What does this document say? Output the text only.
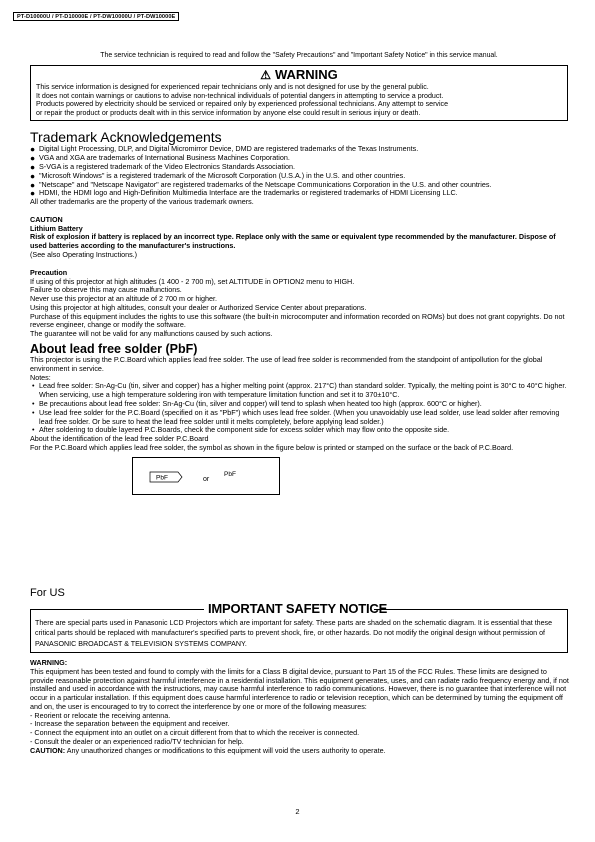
PT-D10000U / PT-D10000E / PT-DW10000U / PT-DW10000E

The service technician is required to read and follow the "Safety Precautions" and "Important Safety Notice" in this service manual.

⚠ WARNING

This service information is designed for experienced repair technicians only and is not designed for use by the general public.

It does not contain warnings or cautions to advise non-technical individuals of potential dangers in attempting to service a product.

Products powered by electricity should be serviced or repaired only by experienced professional technicians. Any attempt to service

or repair the product or products dealt with in this service information by anyone else could result in serious injury or death.

Trademark Acknowledgements
● Digital Light Processing, DLP, and Digital Micromirror Device, DMD are registered trademarks of the Texas Instruments.
● VGA and XGA are trademarks of International Business Machines Corporation.
● S-VGA is a registered trademark of the Video Electronics Standards Association.
● "Microsoft Windows" is a registered trademark of the Microsoft Corporation (U.S.A.) in the U.S. and other countries.
● "Netscape" and "Netscape Navigator" are registered trademarks of the Netscape Communications Corporation in the U.S. and other countries.
● HDMI, the HDMI logo and High-Definition Multimedia Interface are the trademarks or registered trademarks of HDMI Licensing LLC.

All other trademarks are the property of the various trademark owners.

CAUTION

Lithium Battery

Risk of explosion if battery is replaced by an incorrect type. Replace only with the same or equivalent type recommended by the manufacturer. Dispose of used batteries according to the manufacturer's instructions.

(See also Operating Instructions.)

Precaution

If using of this projector at high altitudes (1 400 - 2 700 m), set ALTITUDE in OPTION2 menu to HIGH.

Failure to observe this may cause malfunctions.

Never use this projector at an altitude of 2 700 m or higher.

Using this projector at high altitudes, consult your dealer or Authorized Service Center about preparations.

Purchase of this equipment includes the rights to use this software (the built-in microcomputer and information recorded on ROMs) but does not grant copyrights. Do not reverse engineer, change or modify the software.

The guarantee will not be valid for any malfunctions caused by such actions.

About lead free solder (PbF)

This projector is using the P.C.Board which applies lead free solder. The use of lead free solder is recommended from the standpoint of antipollution for the global environment in service.

Notes:

• Lead free solder: Sn-Ag-Cu (tin, silver and copper) has a higher melting point (approx. 217°C) than standard solder. Typically, the melting point is 30°C to 40°C higher. When servicing, use a high temperature soldering iron with temperature limitation function and set it to 370±10°C.
• Be precautions about lead free solder: Sn-Ag-Cu (tin, silver and copper) will tend to splash when heated too high (approx. 600°C or higher).
• Use lead free solder for the P.C.Board (specified on it as "PbF") which uses lead free solder. (When you unavoidably use lead solder, use lead solder after removing lead free solder. Or be sure to heat the lead free solder until it melts completely, before applying lead solder.)
• After soldering to double layered P.C.Boards, check the component side for excess solder which may flow onto the opposite side.

About the identification of the lead free solder P.C.Board

For the P.C.Board which applies lead free solder, the symbol as shown in the figure below is printed or stamped on the surface or the back of P.C.Board.

PbF	or
PbF
For US
IMPORTANT SAFETY NOTICE

There are special parts used in Panasonic LCD Projectors which are important for safety. These parts are shaded on the schematic diagram. It is essential that these critical parts should be replaced with manufacturer's specified parts to prevent shock, fire, or other hazards. Do not modify the original design without permission of PANASONIC BROADCAST & TELEVISION SYSTEMS COMPANY.

WARNING:

This equipment has been tested and found to comply with the limits for a Class B digital device, pursuant to Part 15 of the FCC Rules. These limits are designed to provide reasonable protection against harmful interference in a residential installation. This equipment generates, uses, and can radiate radio frequency energy and, if not installed and used in accordance with the instructions, may cause harmful interference to radio communications. However, there is no guarantee that interference will not occur in a particular installation. If this equipment does cause harmful interference to radio or television reception, which can be determined by turning the equipment off and on, the user is encouraged to try to correct the interference by one or more of the following measures:

- Reorient or relocate the receiving antenna.

- Increase the separation between the equipment and receiver.

- Connect the equipment into an outlet on a circuit different from that to which the receiver is connected.

- Consult the dealer or an experienced radio/TV technician for help.

CAUTION: Any unauthorized changes or modifications to this equipment will void the users authority to operate.

2
